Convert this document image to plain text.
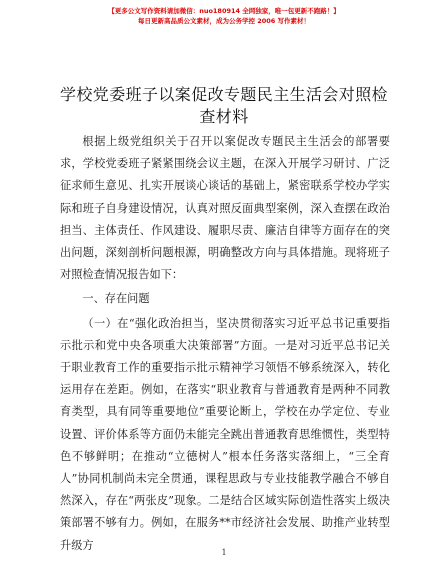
【更多公文写作资料请加微信：nuo180914 全网独家，唯一包更新不跑路！】
每日更新高品质公文素材，成为公务学控 2006 写作素材！
学校党委班子以案促改专题民主生活会对照检
查材料

根据上级党组织关于召开以案促改专题民主生活会的部署要求，学校党委班子紧紧围绕会议主题，在深入开展学习研讨、广泛征求师生意见、扎实开展谈心谈话的基础上，紧密联系学校办学实际和班子自身建设情况，认真对照反面典型案例，深入查摆在政治担当、主体责任、作风建设、履职尽责、廉洁自律等方面存在的突出问题，深刻剖析问题根源，明确整改方向与具体措施。现将班子对照检查情况报告如下：

一、存在问题

（一）在“强化政治担当，坚决贯彻落实习近平总书记重要指示批示和党中央各项重大决策部署”方面。一是对习近平总书记关于职业教育工作的重要指示批示精神学习领悟不够系统深入，转化运用存在差距。例如，在落实“职业教育与普通教育是两种不同教育类型，具有同等重要地位”重要论断上，学校在办学定位、专业设置、评价体系等方面仍未能完全跳出普通教育思维惯性，类型特色不够鲜明；在推动“立德树人”根本任务落实落细上，“三全育人”协同机制尚未完全贯通，课程思政与专业技能教学融合不够自然深入，存在“两张皮”现象。二是结合区域实际创造性落实上级决策部署不够有力。例如，在服务**市经济社会发展、助推产业转型升级方

1
